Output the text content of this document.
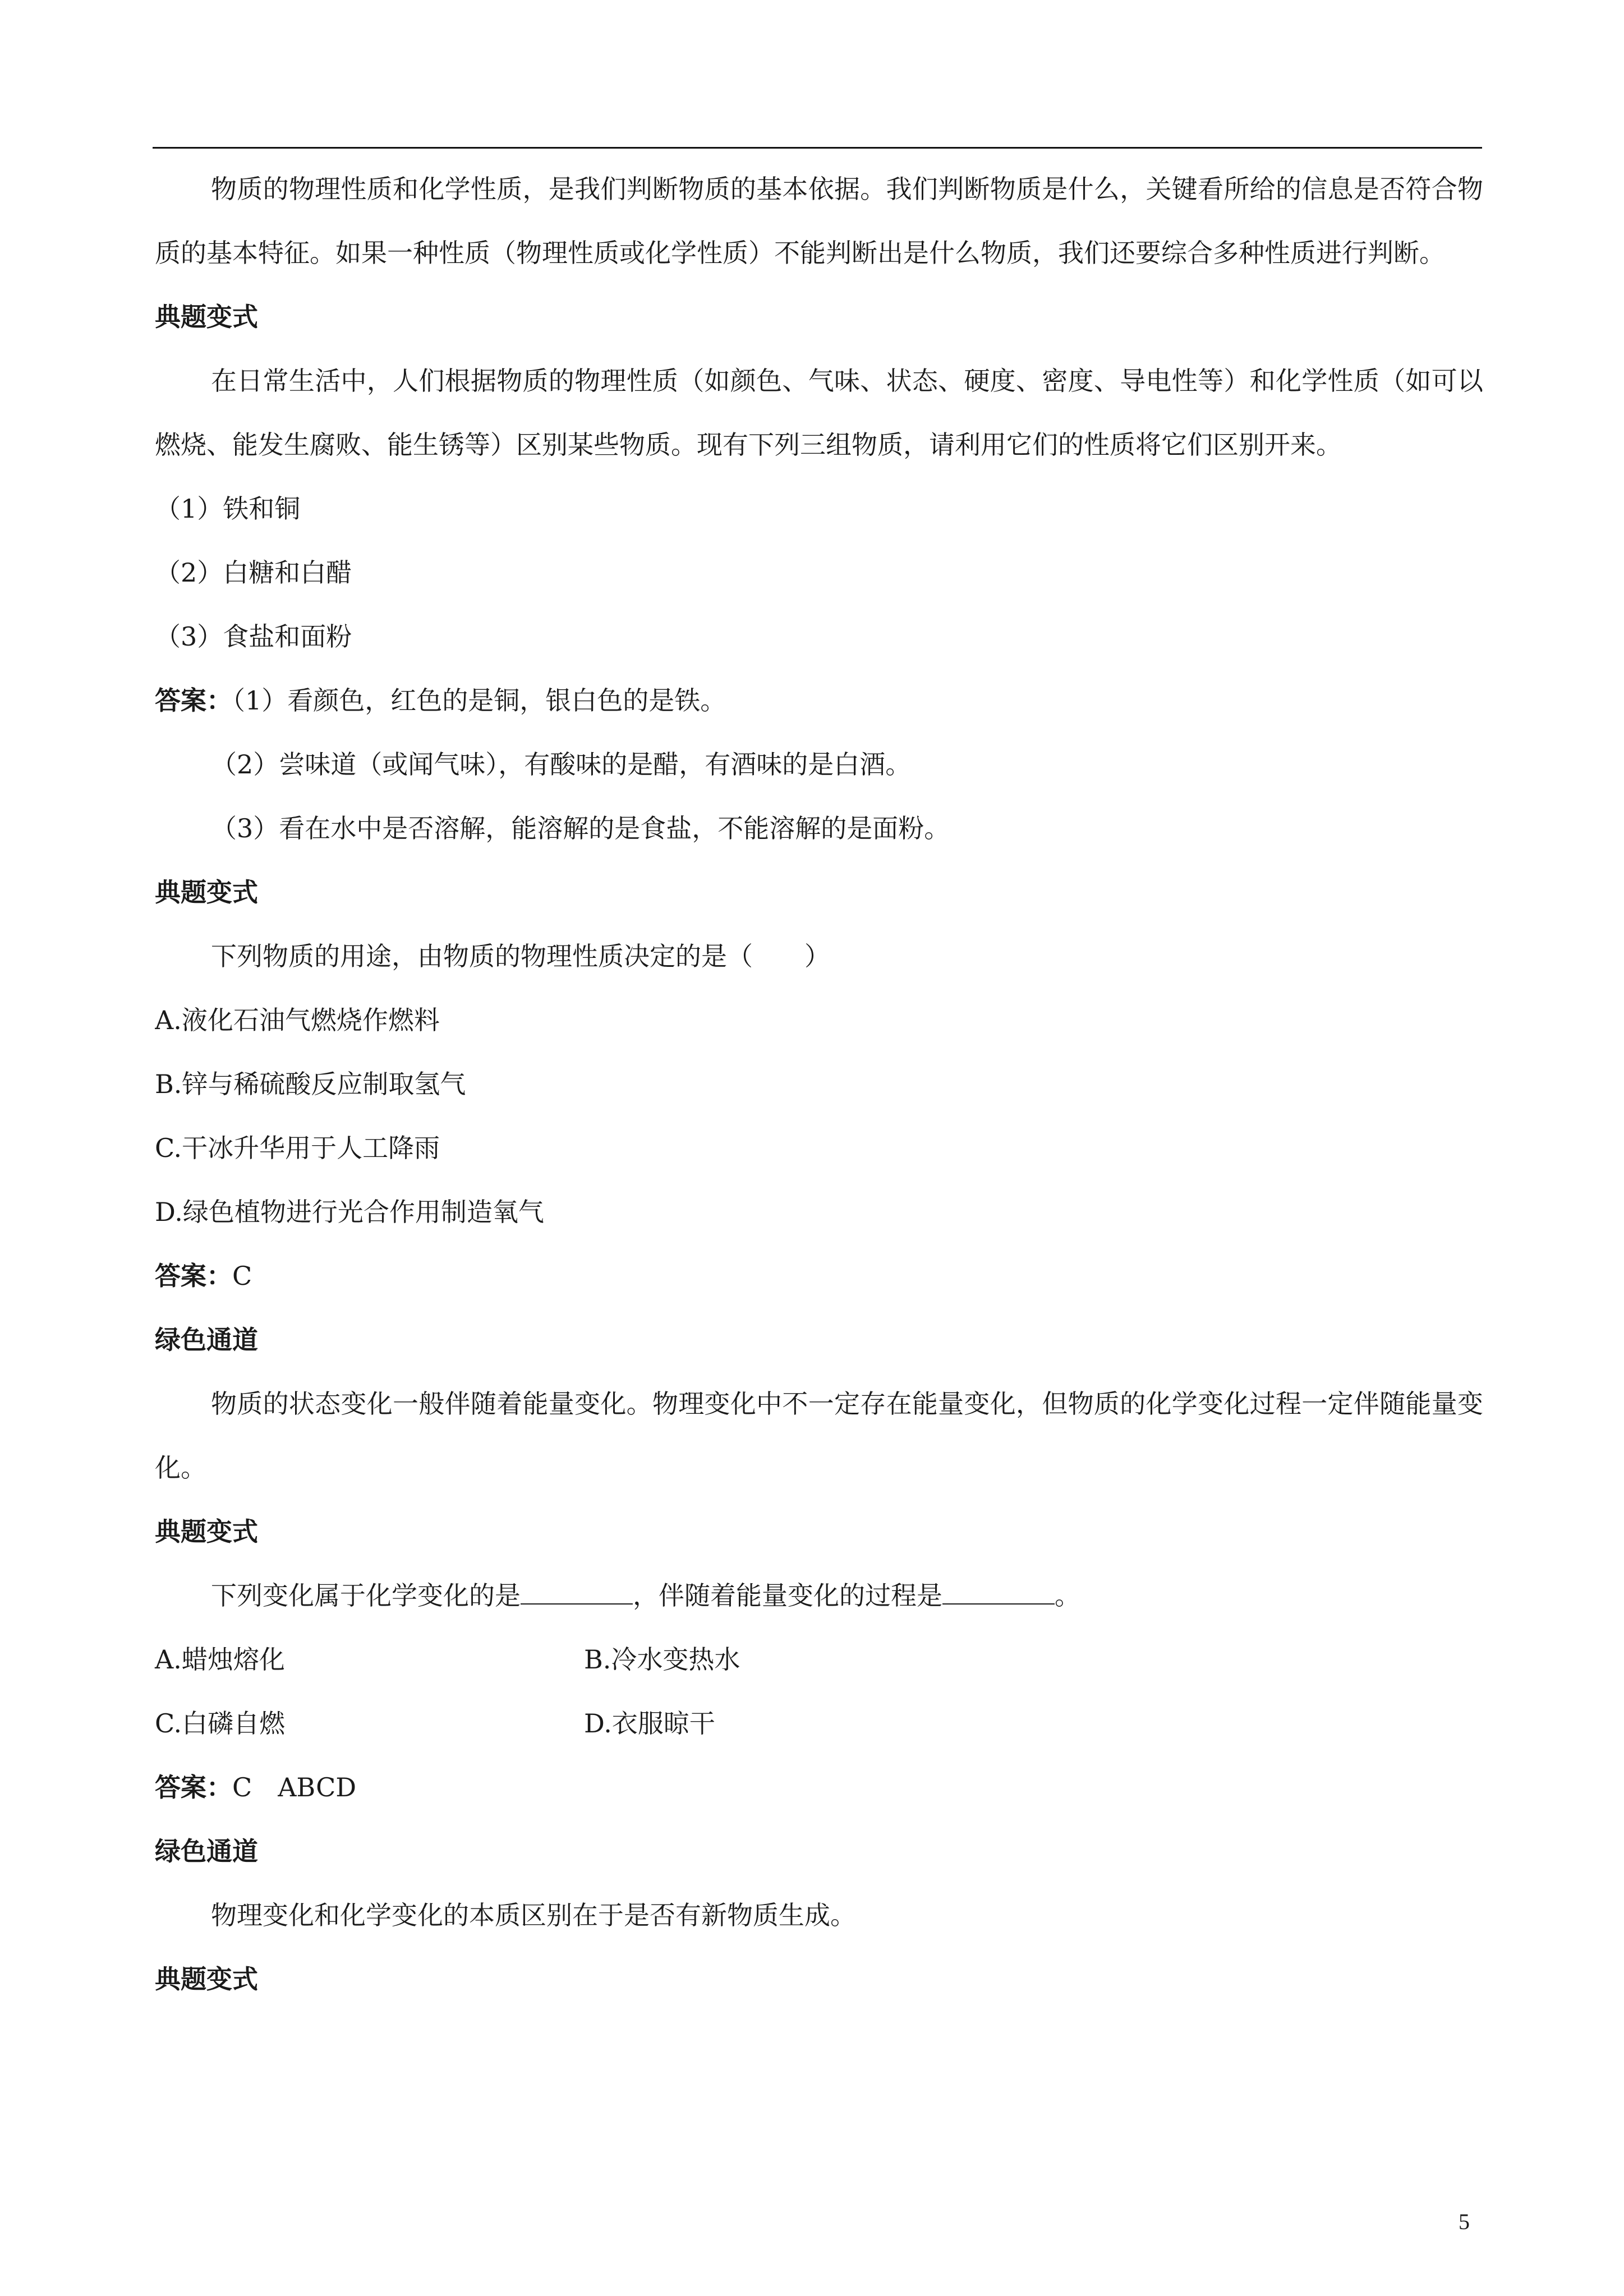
物质的物理性质和化学性质，是我们判断物质的基本依据。我们判断物质是什么，关键看所给的信息是否符合物质的基本特征。如果一种性质（物理性质或化学性质）不能判断出是什么物质，我们还要综合多种性质进行判断。
典题变式
在日常生活中，人们根据物质的物理性质（如颜色、气味、状态、硬度、密度、导电性等）和化学性质（如可以燃烧、能发生腐败、能生锈等）区别某些物质。现有下列三组物质，请利用它们的性质将它们区别开来。
（1）铁和铜
（2）白糖和白醋
（3）食盐和面粉
答案：（1）看颜色，红色的是铜，银白色的是铁。
（2）尝味道（或闻气味），有酸味的是醋，有酒味的是白酒。
（3）看在水中是否溶解，能溶解的是食盐，不能溶解的是面粉。
典题变式
下列物质的用途，由物质的物理性质决定的是（　　）
A.液化石油气燃烧作燃料
B.锌与稀硫酸反应制取氢气
C.干冰升华用于人工降雨
D.绿色植物进行光合作用制造氧气
答案：C
绿色通道
物质的状态变化一般伴随着能量变化。物理变化中不一定存在能量变化，但物质的化学变化过程一定伴随能量变化。
典题变式
下列变化属于化学变化的是	，伴随着能量变化的过程是	。
A.蜡烛熔化	B.冷水变热水
C.白磷自燃	D.衣服晾干
答案：C　ABCD
绿色通道
物理变化和化学变化的本质区别在于是否有新物质生成。
典题变式
5
